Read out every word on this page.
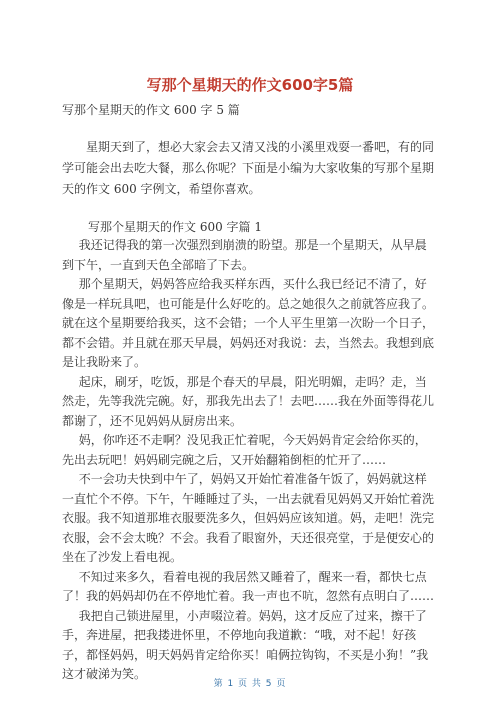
写那个星期天的作文600字5篇
写那个星期天的作文 600 字 5 篇

星期天到了，想必大家会去又清又浅的小溪里戏耍一番吧，有的同学可能会出去吃大餐，那么你呢？下面是小编为大家收集的写那个星期天的作文 600 字例文，希望你喜欢。

写那个星期天的作文 600 字篇 1

我还记得我的第一次强烈到崩溃的盼望。那是一个星期天，从早晨到下午，一直到天色全部暗了下去。

那个星期天，妈妈答应给我买样东西，买什么我已经记不清了，好像是一样玩具吧，也可能是什么好吃的。总之她很久之前就答应我了。就在这个星期要给我买，这不会错；一个人平生里第一次盼一个日子，都不会错。并且就在那天早晨，妈妈还对我说：去，当然去。我想到底是让我盼来了。

起床，刷牙，吃饭，那是个春天的早晨，阳光明媚，走吗？走，当然走，先等我洗完碗。好，那我先出去了！去吧……我在外面等得花儿都谢了，还不见妈妈从厨房出来。

妈，你咋还不走啊？没见我正忙着呢，今天妈妈肯定会给你买的，先出去玩吧！妈妈刷完碗之后，又开始翻箱倒柜的忙开了……

不一会功夫快到中午了，妈妈又开始忙着准备午饭了，妈妈就这样一直忙个不停。下午，午睡睡过了头，一出去就看见妈妈又开始忙着洗衣服。我不知道那堆衣服要洗多久，但妈妈应该知道。妈，走吧！洗完衣服，会不会太晚？不会。我看了眼窗外，天还很亮堂，于是便安心的坐在了沙发上看电视。

不知过来多久，看着电视的我居然又睡着了，醒来一看，都快七点了！我的妈妈却仍在不停地忙着。我一声也不吭，忽然有点明白了……

我把自己锁进屋里，小声啜泣着。妈妈，这才反应了过来，擦干了手，奔进屋，把我搂进怀里，不停地向我道歉：“哦，对不起！好孩子，都怪妈妈，明天妈妈肯定给你买！咱俩拉钩钩，不买是小狗！”我这才破涕为笑。

第 1 页 共 5 页
